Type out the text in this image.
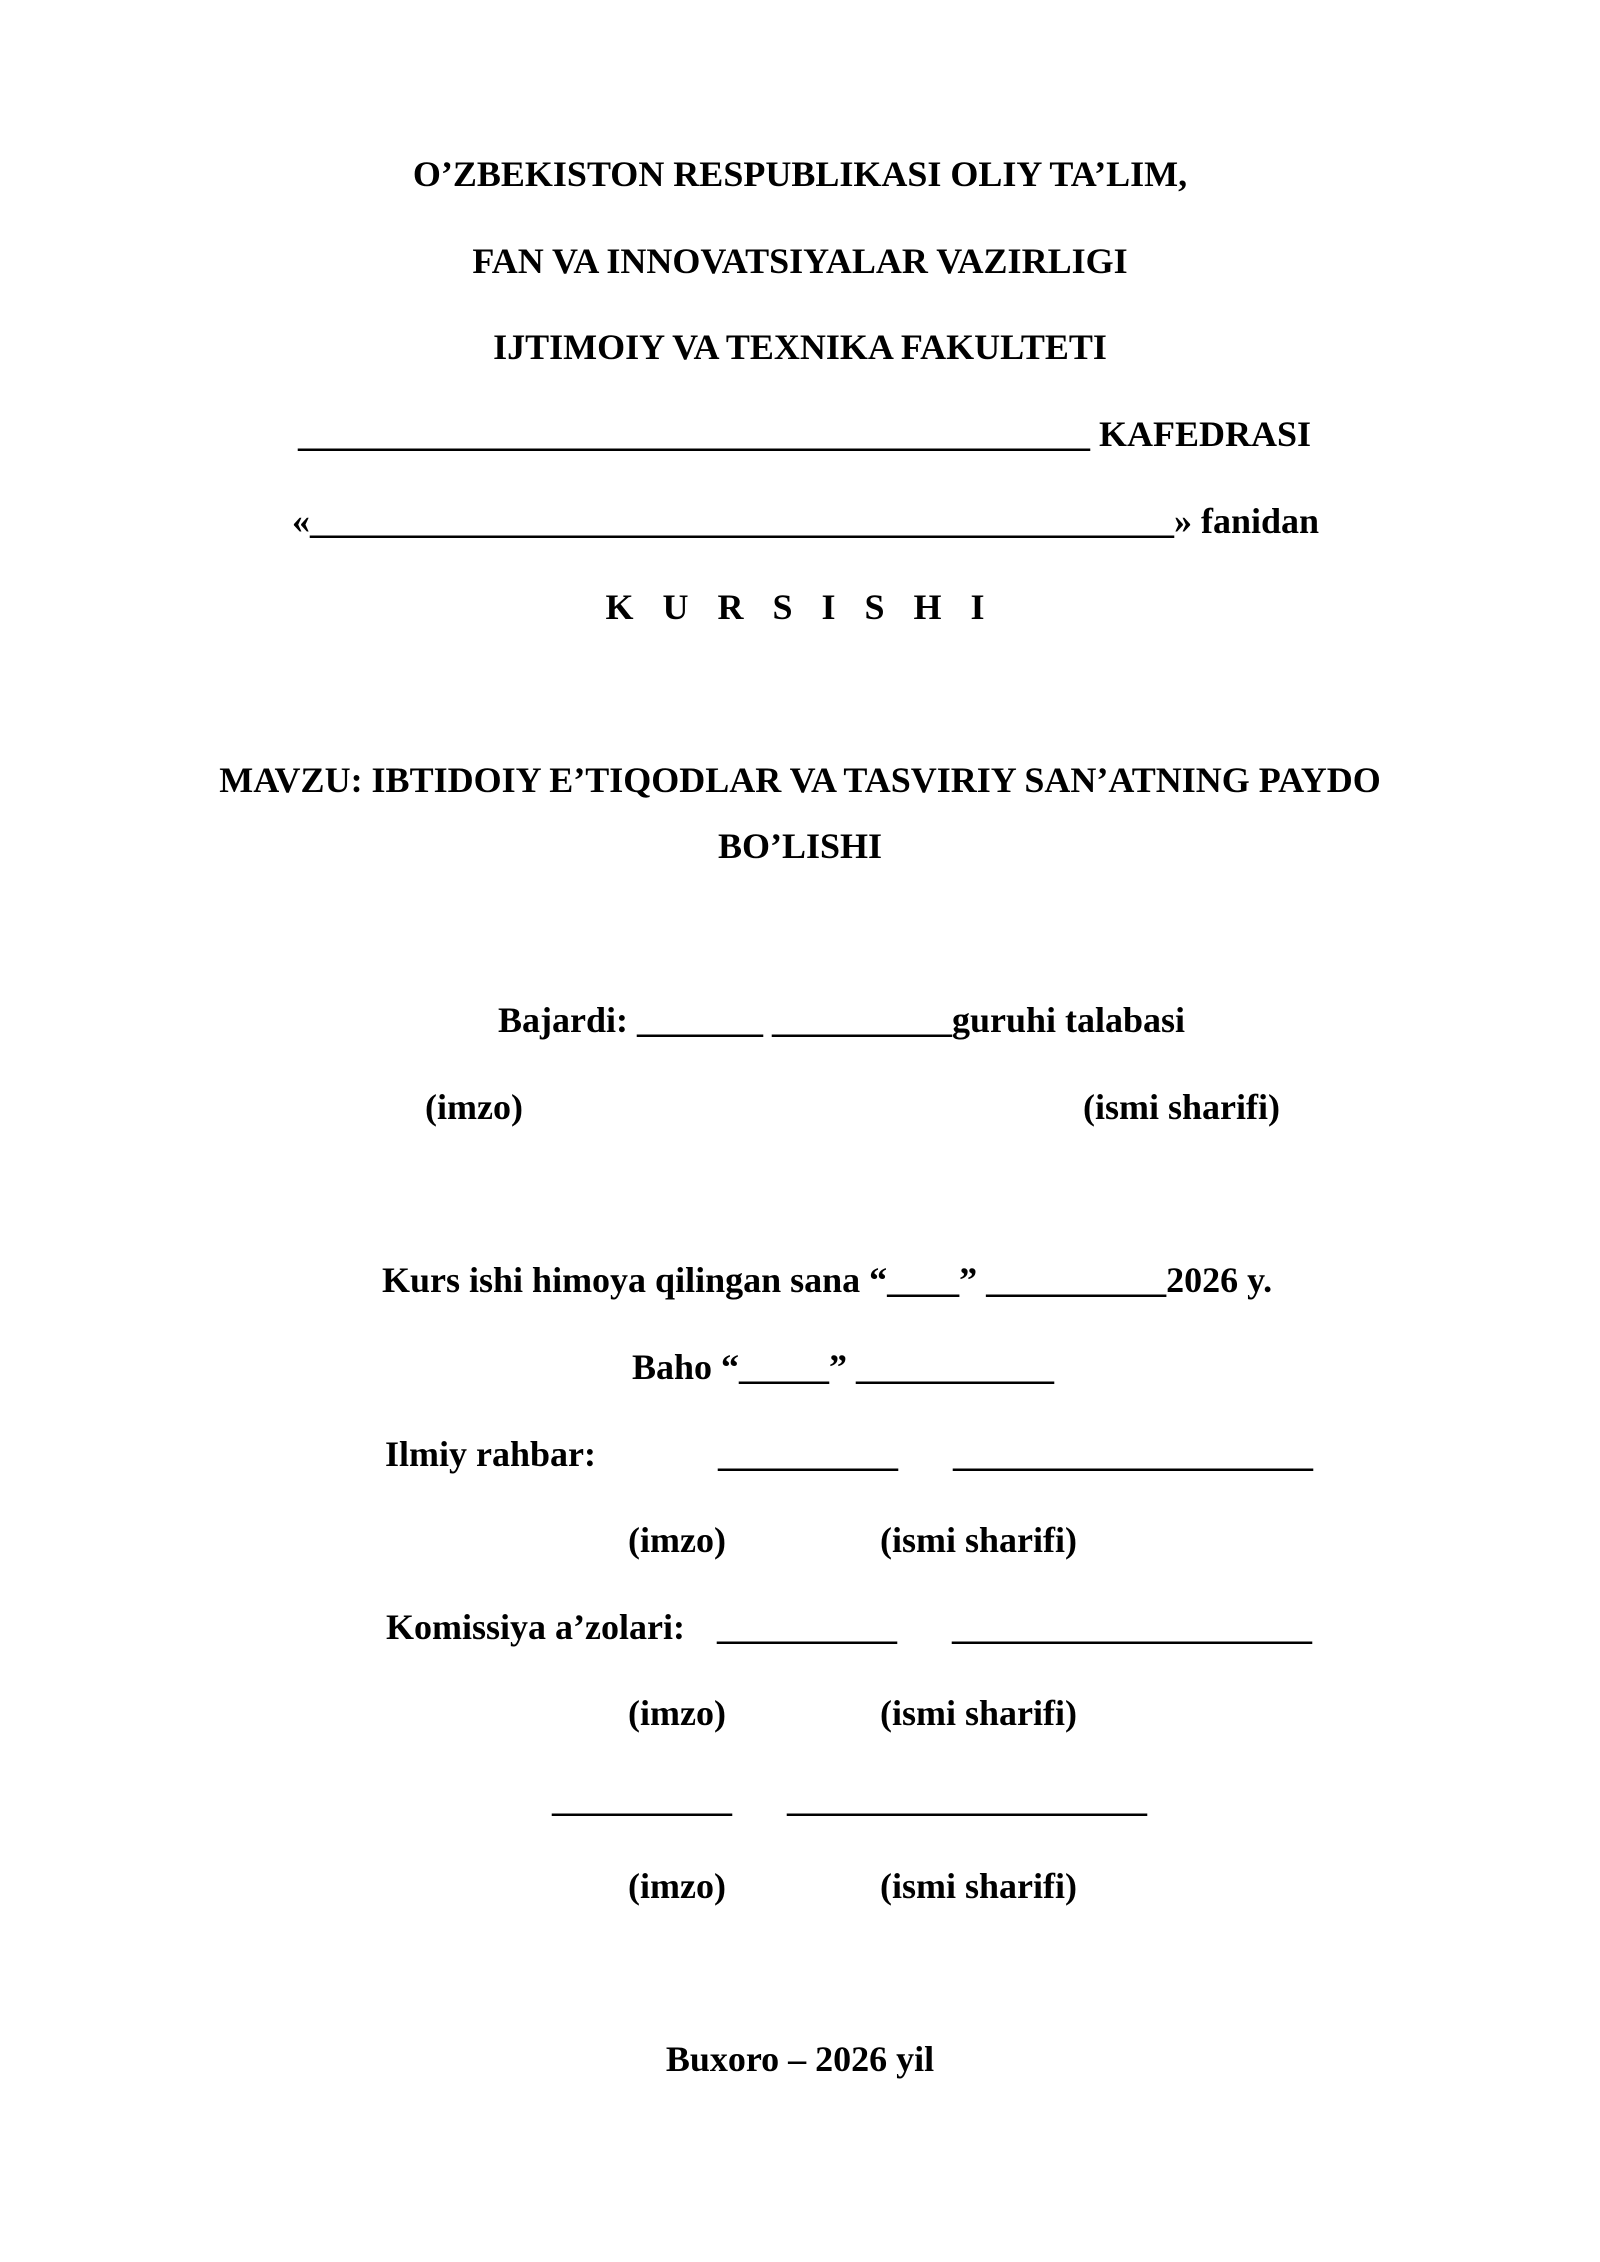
O’ZBEKISTON RESPUBLIKASI OLIY TA’LIM,
FAN VA INNOVATSIYALAR VAZIRLIGI
IJTIMOIY VA TEXNIKA FAKULTETI
____________________________________________ KAFEDRASI
«________________________________________________» fanidan
K U R S I S H I
MAVZU: IBTIDOIY E’TIQODLAR VA TASVIRIY SAN’ATNING PAYDO
BO’LISHI
Bajardi: _______ __________guruhi talabasi
(imzo)	(ismi sharifi)
Kurs ishi himoya qilingan sana “____” __________2026 y.
Baho “_____” ___________
Ilmiy rahbar:	__________ ____________________
(imzo)	(ismi sharifi)
Komissiya a’zolari: __________ ____________________
(imzo)	(ismi sharifi)
__________ ____________________
(imzo)	(ismi sharifi)
Buxoro – 2026 yil
